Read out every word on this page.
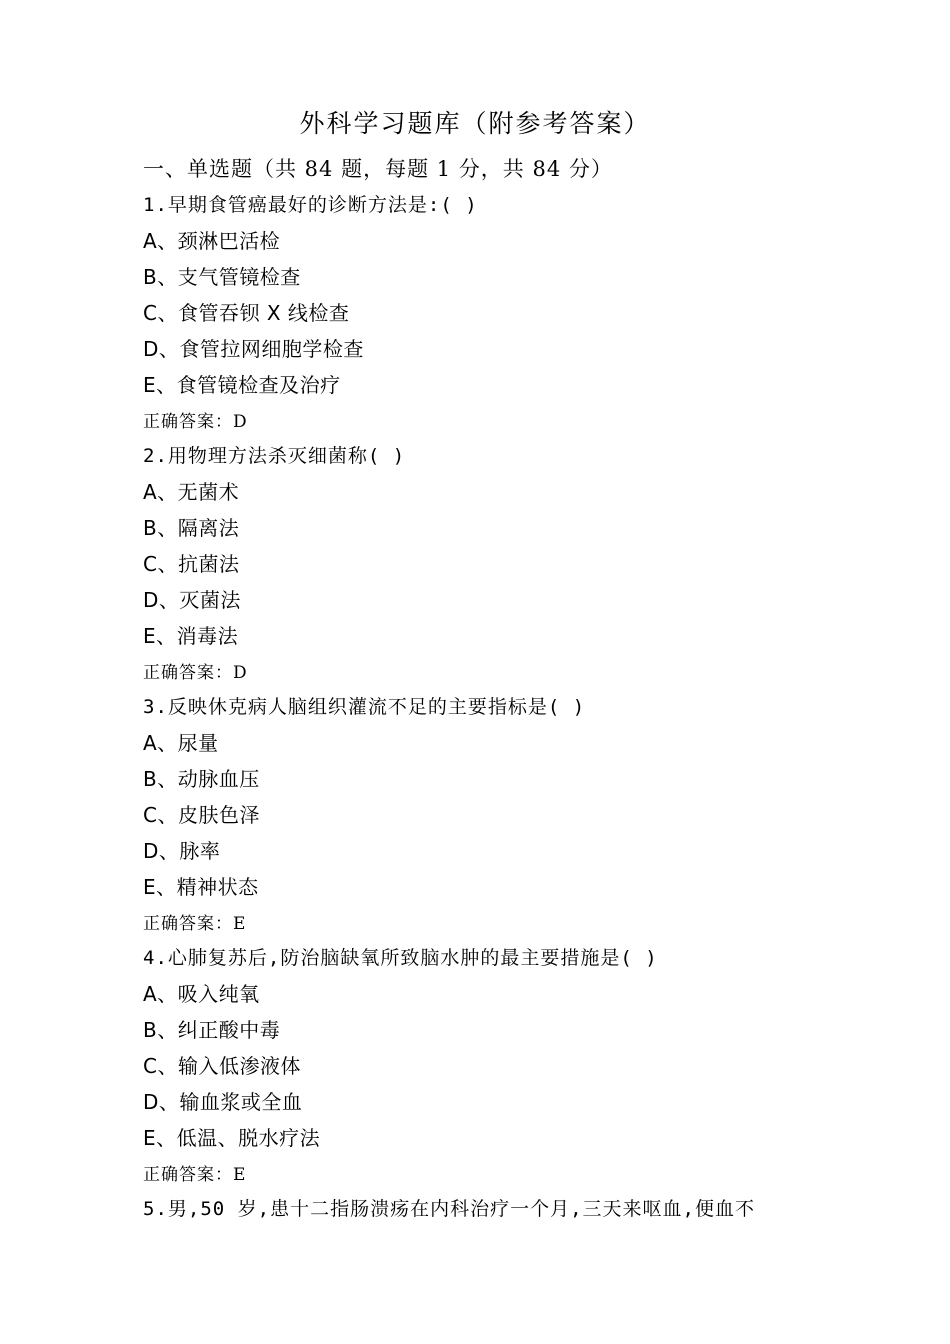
外科学习题库（附参考答案）
一、单选题（共 84 题，每题 1 分，共 84 分）
1.早期食管癌最好的诊断方法是:( )
A、颈淋巴活检
B、支气管镜检查
C、食管吞钡 X 线检查
D、食管拉网细胞学检查
E、食管镜检查及治疗
正确答案：D
2.用物理方法杀灭细菌称( )
A、无菌术
B、隔离法
C、抗菌法
D、灭菌法
E、消毒法
正确答案：D
3.反映休克病人脑组织灌流不足的主要指标是( )
A、尿量
B、动脉血压
C、皮肤色泽
D、脉率
E、精神状态
正确答案：E
4.心肺复苏后,防治脑缺氧所致脑水肿的最主要措施是( )
A、吸入纯氧
B、纠正酸中毒
C、输入低渗液体
D、输血浆或全血
E、低温、脱水疗法
正确答案：E
5.男,50 岁,患十二指肠溃疡在内科治疗一个月,三天来呕血,便血不
